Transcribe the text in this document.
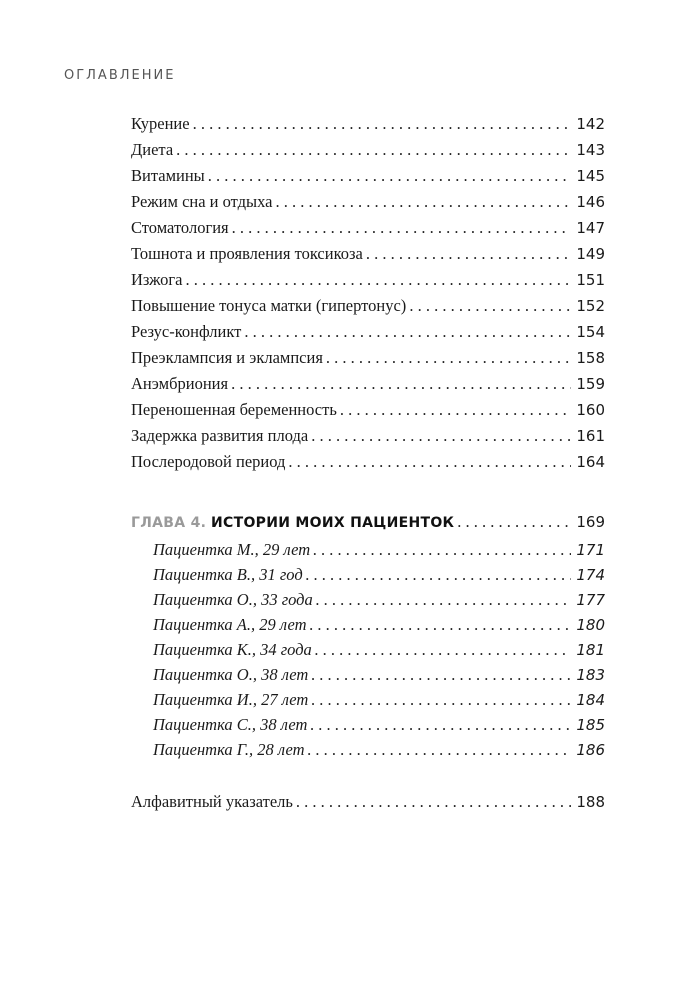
ОГЛАВЛЕНИЕ
Курение . . .	142
Диета . . .	143
Витамины . . .	145
Режим сна и отдыха . . .	146
Стоматология . . .	147
Тошнота и проявления токсикоза . . .	149
Изжога . . .	151
Повышение тонуса матки (гипертонус) . . .	152
Резус-конфликт . . .	154
Преэклампсия и эклампсия . . .	158
Анэмбриония . . .	159
Переношенная беременность . . .	160
Задержка развития плода . . .	161
Послеродовой период . . .	164
ГЛАВА 4. ИСТОРИИ МОИХ ПАЦИЕНТОК . . .	169
Пациентка М., 29 лет . . .	171
Пациентка В., 31 год . . .	174
Пациентка О., 33 года . . .	177
Пациентка А., 29 лет . . .	180
Пациентка К., 34 года . . .	181
Пациентка О., 38 лет . . .	183
Пациентка И., 27 лет . . .	184
Пациентка С., 38 лет . . .	185
Пациентка Г., 28 лет . . .	186
Алфавитный указатель . . .	188
